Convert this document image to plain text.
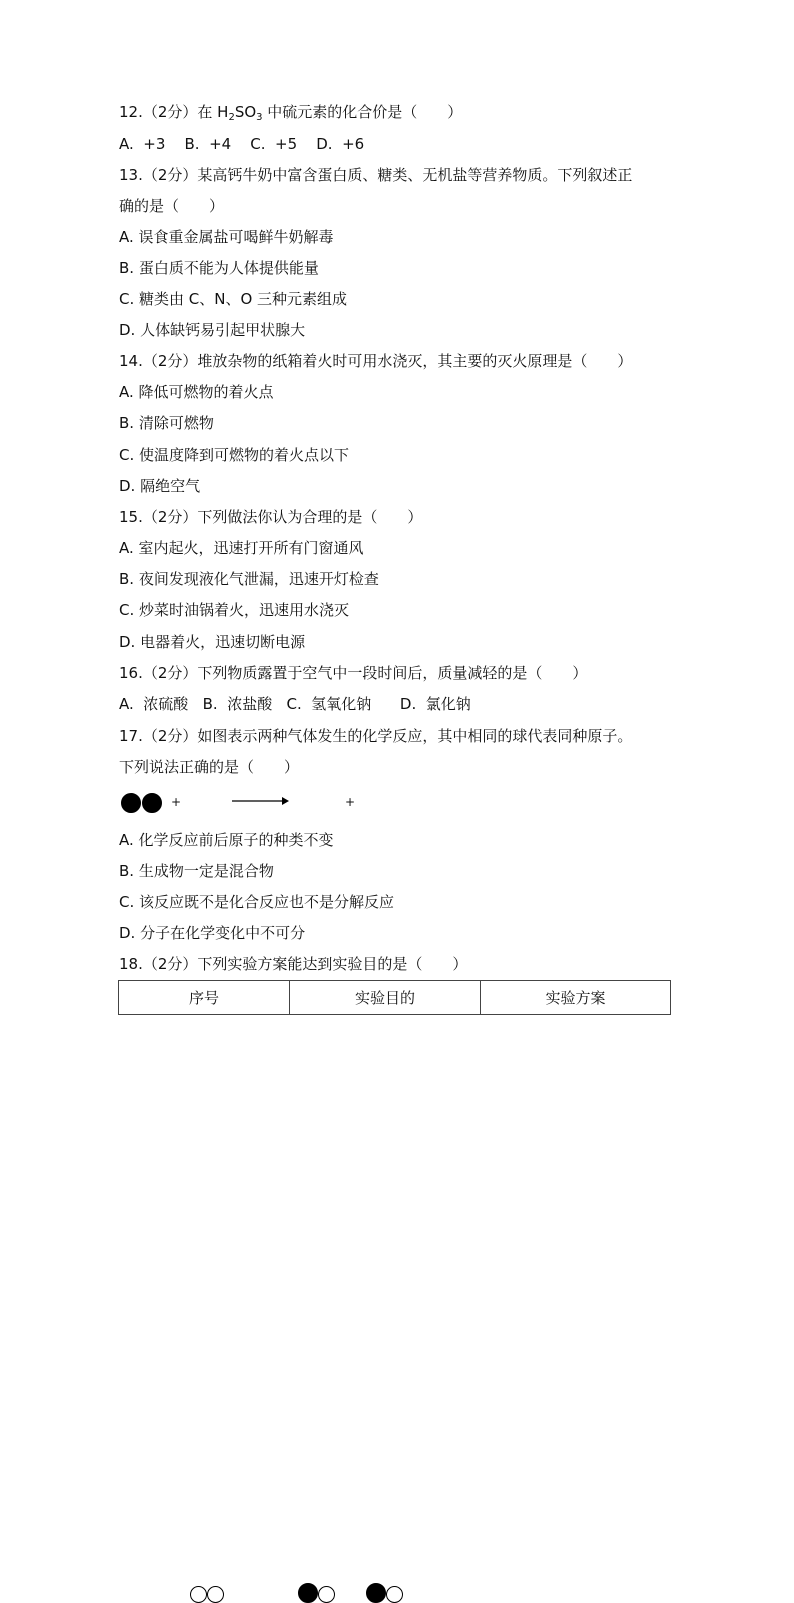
12.（2分）在 $H_2SO_3$ 中硫元素的化合价是（　　）
A.  +3    B.  +4    C.  +5    D.  +6
13.（2分）某高钙牛奶中富含蛋白质、糖类、无机盐等营养物质。下列叙述正
确的是（　　）
A. 误食重金属盐可喝鲜牛奶解毒
B. 蛋白质不能为人体提供能量
C. 糖类由 C、N、O 三种元素组成
D. 人体缺钙易引起甲状腺大
14.（2分）堆放杂物的纸箱着火时可用水浇灭，其主要的灭火原理是（　　）
A. 降低可燃物的着火点
B. 清除可燃物
C. 使温度降到可燃物的着火点以下
D. 隔绝空气
15.（2分）下列做法你认为合理的是（　　）
A. 室内起火，迅速打开所有门窗通风
B. 夜间发现液化气泄漏，迅速开灯检查
C. 炒菜时油锅着火，迅速用水浇灭
D. 电器着火，迅速切断电源
16.（2分）下列物质露置于空气中一段时间后，质量减轻的是（　　）
A.  浓硫酸   B.  浓盐酸   C.  氢氧化钠      D.  氯化钠
17.（2分）如图表示两种气体发生的化学反应，其中相同的球代表同种原子。
下列说法正确的是（　　）
+	+
A. 化学反应前后原子的种类不变
B. 生成物一定是混合物
C. 该反应既不是化合反应也不是分解反应
D. 分子在化学变化中不可分
18.（2分）下列实验方案能达到实验目的是（　　）
序号	实验目的	实验方案
